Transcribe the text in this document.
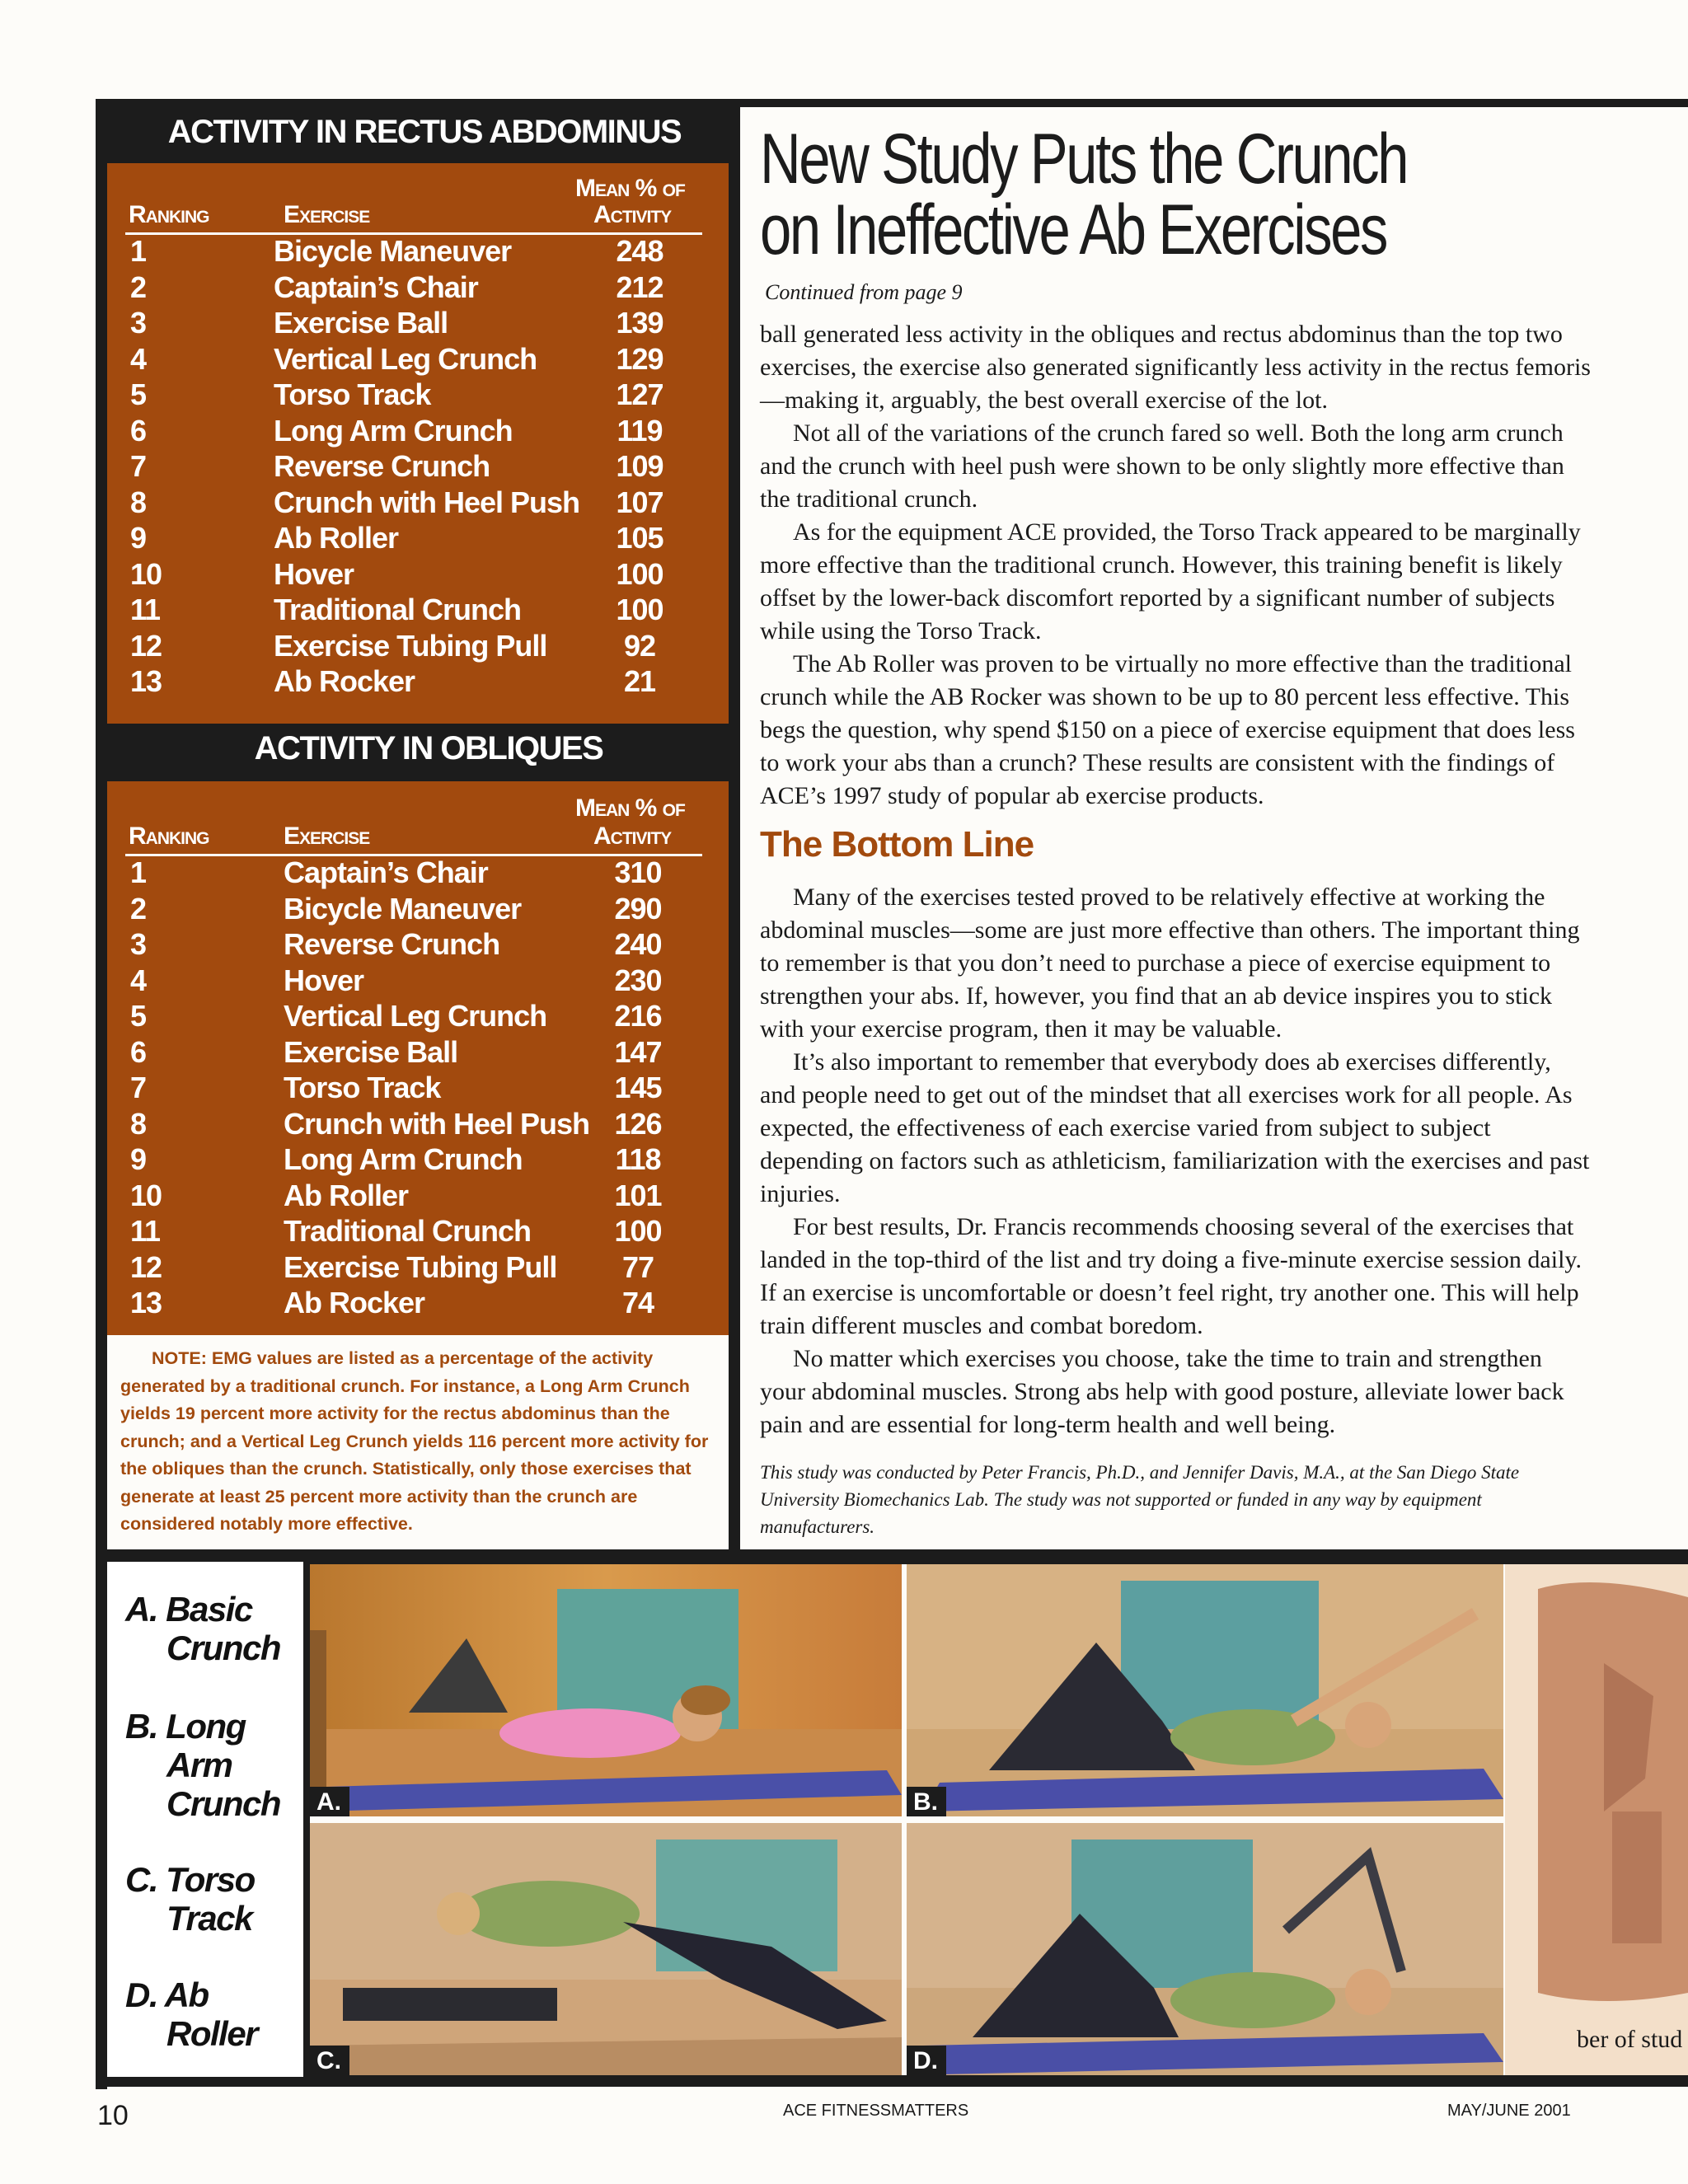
ACTIVITY IN RECTUS ABDOMINUS
Mean % of
Ranking	Exercise	Activity
1	Bicycle Maneuver	248
2	Captain’s Chair	212
3	Exercise Ball	139
4	Vertical Leg Crunch	129
5	Torso Track	127
6	Long Arm Crunch	119
7	Reverse Crunch	109
8	Crunch with Heel Push	107
9	Ab Roller	105
10	Hover	100
11	Traditional Crunch	100
12	Exercise Tubing Pull	92
13	Ab Rocker	21
ACTIVITY IN OBLIQUES
Mean % of
Ranking	Exercise	Activity
1	Captain’s Chair	310
2	Bicycle Maneuver	290
3	Reverse Crunch	240
4	Hover	230
5	Vertical Leg Crunch	216
6	Exercise Ball	147
7	Torso Track	145
8	Crunch with Heel Push 126
9	Long Arm Crunch	118
10	Ab Roller	101
11	Traditional Crunch	100
12	Exercise Tubing Pull	77
13	Ab Rocker	74
NOTE: EMG values are listed as a percentage of the activity generated by a traditional crunch. For instance, a Long Arm Crunch yields 19 percent more activity for the rectus abdominus than the crunch; and a Vertical Leg Crunch yields 116 percent more activity for the obliques than the crunch. Statistically, only those exercises that generate at least 25 percent more activity than the crunch are considered notably more effective.
New Study Puts the Crunch
on Ineffective Ab Exercises
Continued from page 9

ball generated less activity in the obliques and rectus abdominus than the top two exercises, the exercise also generated significantly less activity in the rectus femoris—making it, arguably, the best overall exercise of the lot.

Not all of the variations of the crunch fared so well. Both the long arm crunch and the crunch with heel push were shown to be only slightly more effective than the traditional crunch.

As for the equipment ACE provided, the Torso Track appeared to be marginally more effective than the traditional crunch. However, this training benefit is likely offset by the lower-back discomfort reported by a significant number of subjects while using the Torso Track.

The Ab Roller was proven to be virtually no more effective than the traditional crunch while the AB Rocker was shown to be up to 80 percent less effective. This begs the question, why spend $150 on a piece of exercise equipment that does less to work your abs than a crunch? These results are consistent with the findings of ACE’s 1997 study of popular ab exercise products.

The Bottom Line

Many of the exercises tested proved to be relatively effective at working the abdominal muscles—some are just more effective than others. The important thing to remember is that you don’t need to purchase a piece of exercise equipment to strengthen your abs. If, however, you find that an ab device inspires you to stick with your exercise program, then it may be valuable.

It’s also important to remember that everybody does ab exercises differently, and people need to get out of the mindset that all exercises work for all people. As expected, the effectiveness of each exercise varied from subject to subject depending on factors such as athleticism, familiarization with the exercises and past injuries.

For best results, Dr. Francis recommends choosing several of the exercises that landed in the top-third of the list and try doing a five-minute exercise session daily. If an exercise is uncomfortable or doesn’t feel right, try another one. This will help train different muscles and combat boredom.

No matter which exercises you choose, take the time to train and strengthen your abdominal muscles. Strong abs help with good posture, alleviate lower back pain and are essential for long-term health and well being.

This study was conducted by Peter Francis, Ph.D., and Jennifer Davis, M.A., at the San Diego State University Biomechanics Lab. The study was not supported or funded in any way by equipment manufacturers.
A. Basic
Crunch
B. Long
Arm
Crunch
C. Torso
Track
D. Ab
Roller
A.	B.
C.	D.
ber of stud
10	ACE FITNESSMATTERS	MAY/JUNE 2001
